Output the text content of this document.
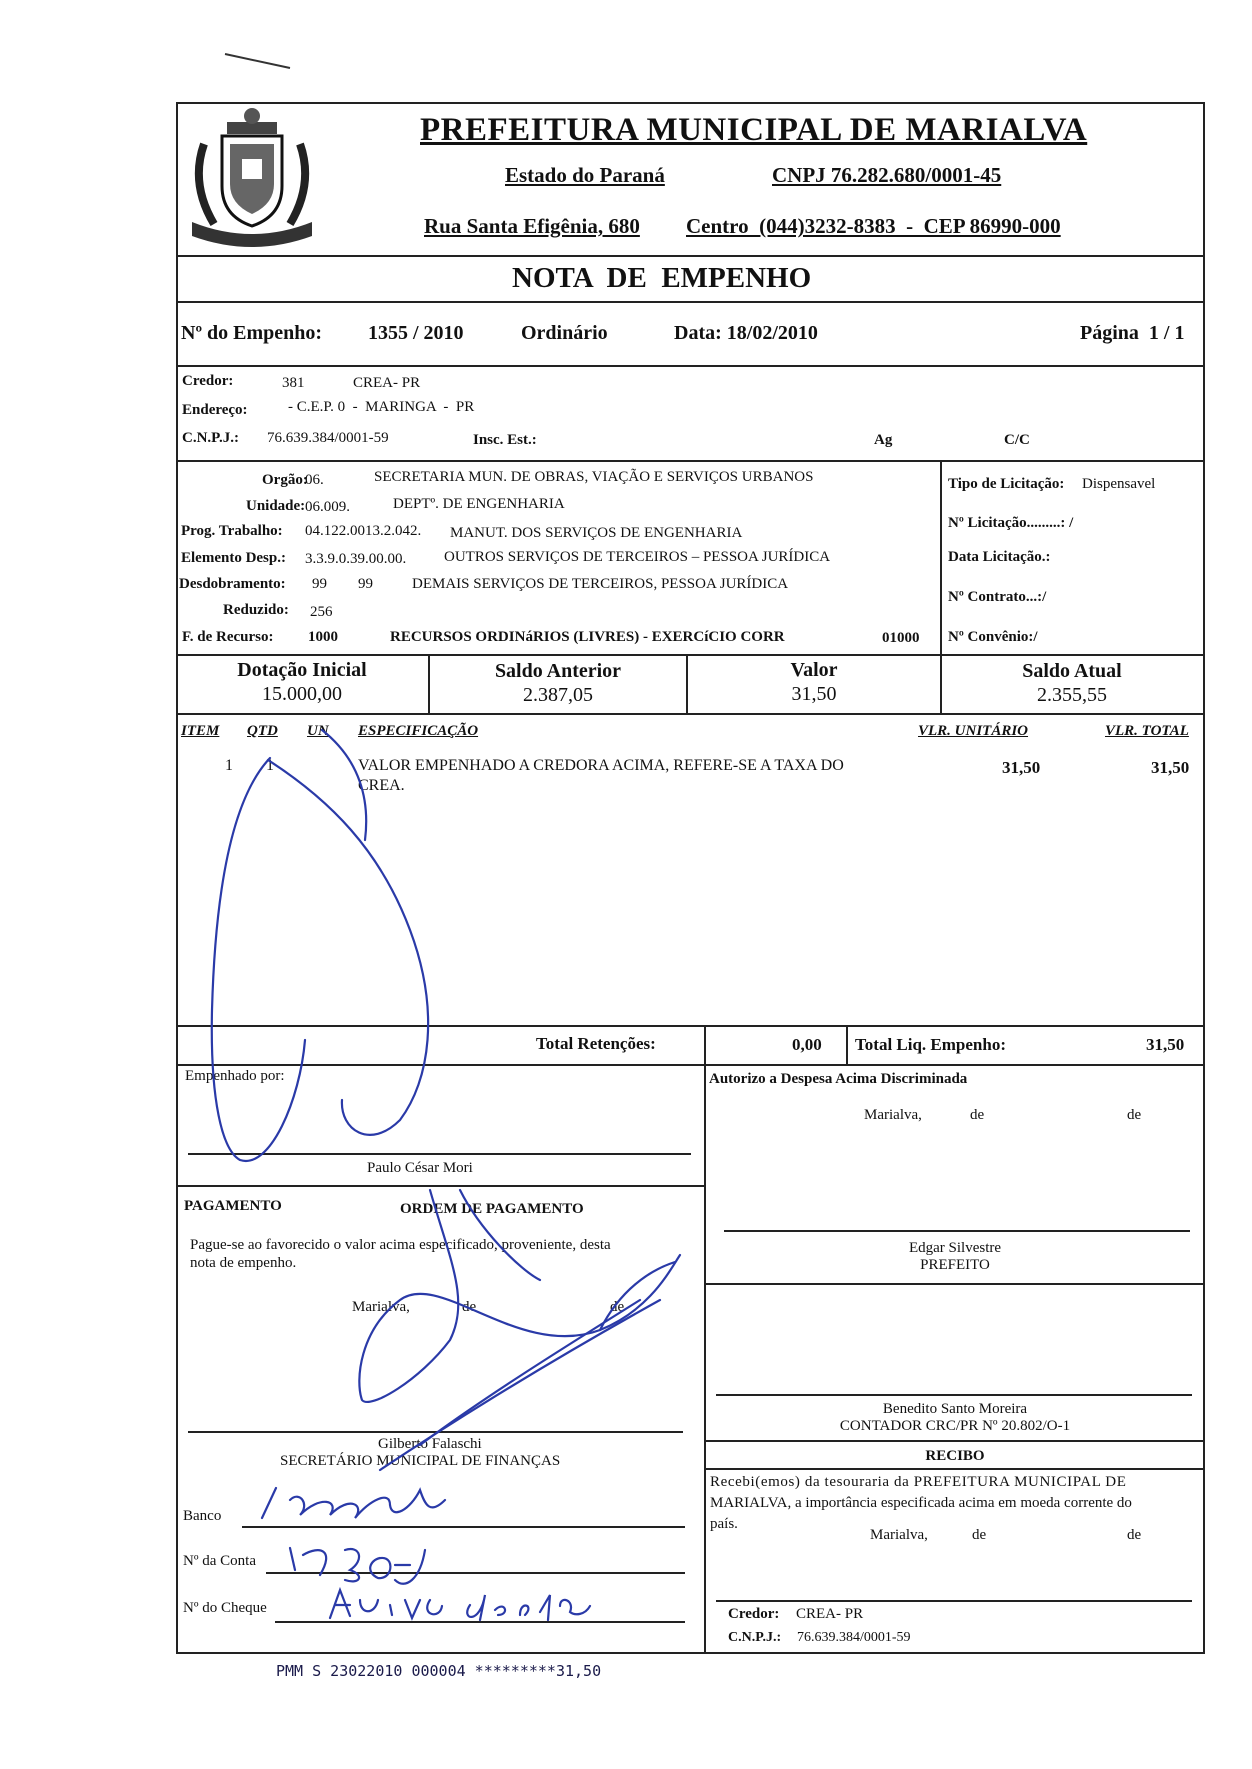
PREFEITURA MUNICIPAL DE MARIALVA
Estado do Paraná	CNPJ 76.282.680/0001-45
Rua Santa Efigênia, 680 Centro  (044)3232-8383  -  CEP 86990-000
NOTA  DE  EMPENHO
Nº do Empenho: 1355 / 2010	Ordinário	Data: 18/02/2010	Página  1 / 1
Credor:	381	CREA- PR
Endereço:	- C.E.P. 0  -  MARINGA  -  PR
C.N.P.J.: 76.639.384/0001-59	Insc. Est.:	Ag	C/C
Orgão:
06.	SECRETARIA MUN. DE OBRAS, VIAÇÃO E SERVIÇOS URBANOS
Unidade: 06.009.	DEPTº. DE ENGENHARIA
Prog. Trabalho: 04.122.0013.2.042. MANUT. DOS SERVIÇOS DE ENGENHARIA
Elemento Desp.: 3.3.9.0.39.00.00.	OUTROS SERVIÇOS DE TERCEIROS – PESSOA JURÍDICA
Desdobramento: 99 99	DEMAIS SERVIÇOS DE TERCEIROS, PESSOA JURÍDICA
Reduzido: 256
F. de Recurso: 1000	RECURSOS ORDINáRIOS (LIVRES) - EXERCíCIO CORR	01000
Tipo de Licitação: Dispensavel
Nº Licitação.........: /
Data Licitação.:
Nº Contrato...:/
Nº Convênio:/
Dotação Inicial
15.000,00
Saldo Anterior
2.387,05
Valor
31,50
Saldo Atual
2.355,55
ITEM QTD UN ESPECIFICAÇÃO	VLR. UNITÁRIO	VLR. TOTAL
1 1	VALOR EMPENHADO A CREDORA ACIMA, REFERE-SE A TAXA DO
CREA.
31,50	31,50
Total Retenções:	0,00 Total Liq. Empenho:	31,50
Empenhado por:
Paulo César Mori
Autorizo a Despesa Acima Discriminada
Marialva,	de	de
Edgar Silvestre
PREFEITO
Benedito Santo Moreira
CONTADOR CRC/PR Nº 20.802/O-1
RECIBO
Recebi(emos) da tesouraria da PREFEITURA MUNICIPAL DE
MARIALVA, a importância especificada acima em moeda corrente do
país.
Marialva,	de	de
Credor: CREA- PR
C.N.P.J.: 76.639.384/0001-59
PAGAMENTO	ORDEM DE PAGAMENTO
Pague-se ao favorecido o valor acima especificado, proveniente, desta
nota de empenho.
Marialva,	de	de
Gilberto Falaschi
SECRETÁRIO MUNICIPAL DE FINANÇAS
Banco
Nº da Conta
Nº do Cheque
PMM S 23022010 000004 *********31,50
